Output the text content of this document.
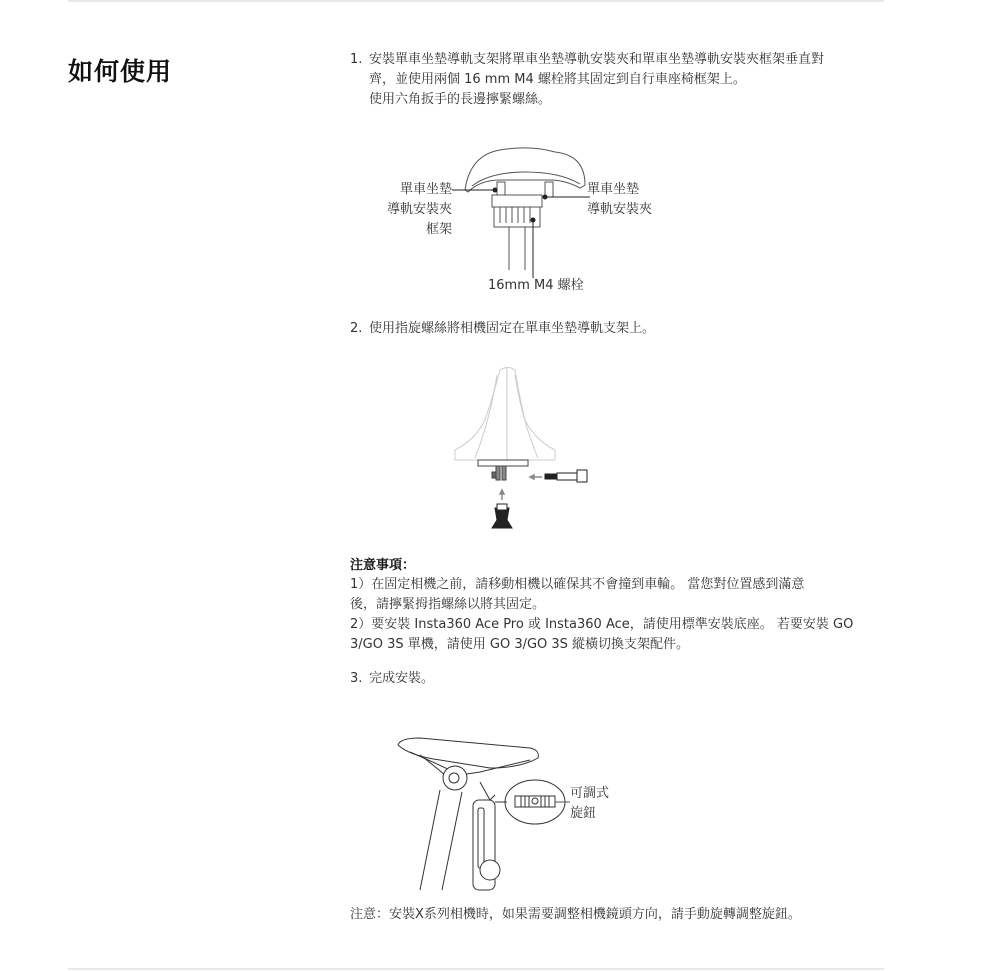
如何使用	1. 安裝單車坐墊導軌支架將單車坐墊導軌安裝夾和單車坐墊導軌安裝夾框架垂直對
齊，並使用兩個 16 mm M4 螺栓將其固定到自行車座椅框架上。
使用六角扳手的長邊擰緊螺絲。
單車坐墊
導軌安裝夾
框架
單車坐墊
導軌安裝夾
16mm M4 螺栓
2. 使用指旋螺絲將相機固定在單車坐墊導軌支架上。
注意事項：
1）在固定相機之前，請移動相機以確保其不會撞到車輪。 當您對位置感到滿意
後，請擰緊拇指螺絲以將其固定。
2）要安裝 Insta360 Ace Pro 或 Insta360 Ace，請使用標準安裝底座。 若要安裝 GO
3/GO 3S 單機，請使用 GO 3/GO 3S 縱橫切換支架配件。
3. 完成安裝。
可調式
旋鈕
注意：安裝X系列相機時，如果需要調整相機鏡頭方向，請手動旋轉調整旋鈕。
